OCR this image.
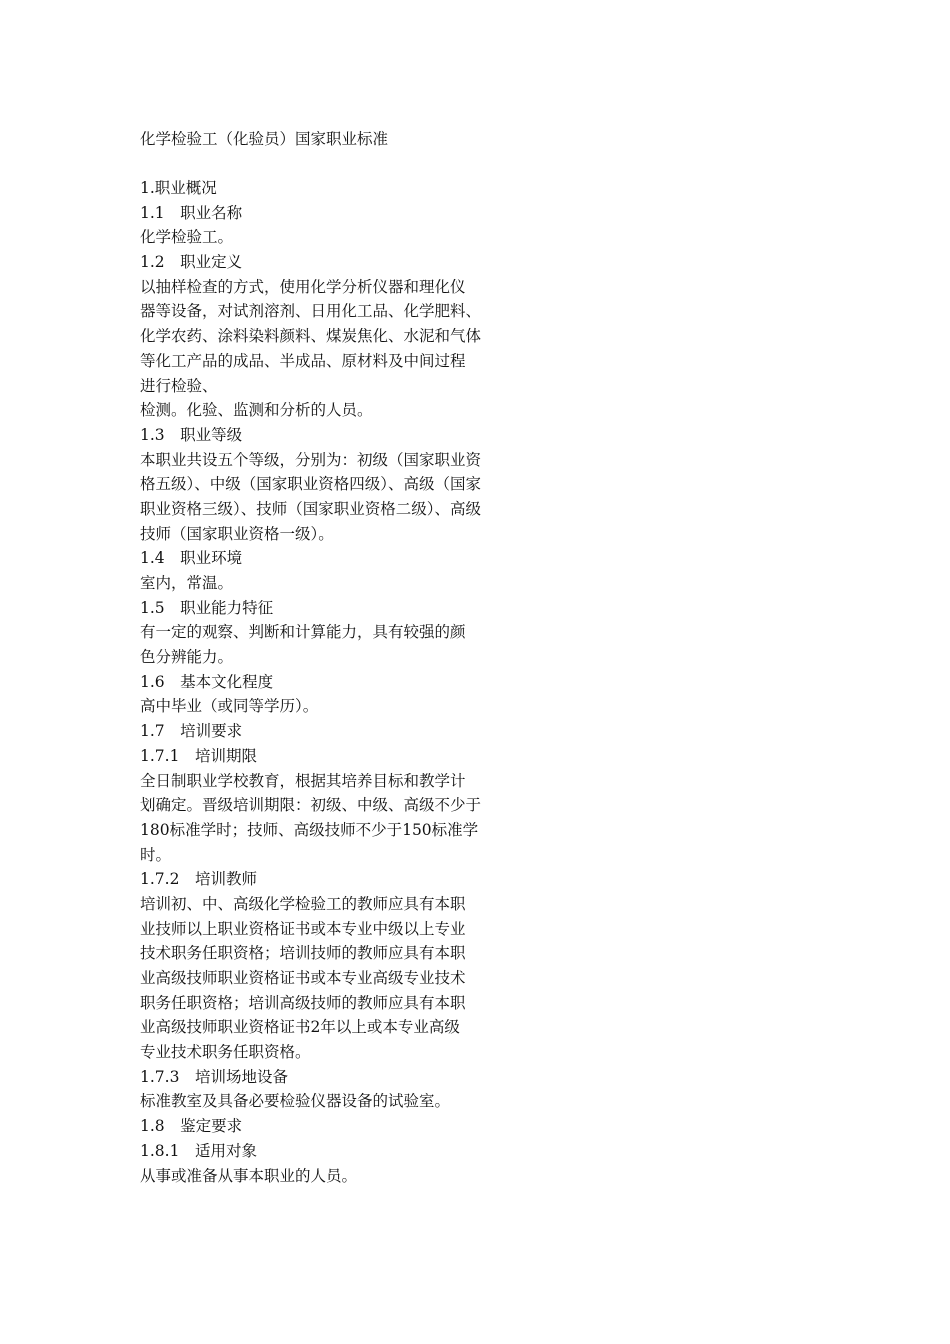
化学检验工（化验员）国家职业标准
1.职业概况
1.1　职业名称
化学检验工。
1.2　职业定义
以抽样检查的方式，使用化学分析仪器和理化仪
器等设备，对试剂溶剂、日用化工品、化学肥料、
化学农药、涂料染料颜料、煤炭焦化、水泥和气体
等化工产品的成品、半成品、原材料及中间过程
进行检验、
检测。化验、监测和分析的人员。
1.3　职业等级
本职业共设五个等级，分别为：初级（国家职业资
格五级）、中级（国家职业资格四级）、高级（国家
职业资格三级）、技师（国家职业资格二级）、高级
技师（国家职业资格一级）。
1.4　职业环境
室内，常温。
1.5　职业能力特征
有一定的观察、判断和计算能力，具有较强的颜
色分辨能力。
1.6　基本文化程度
高中毕业（或同等学历）。
1.7　培训要求
1.7.1　培训期限
全日制职业学校教育，根据其培养目标和教学计
划确定。晋级培训期限：初级、中级、高级不少于
180标准学时；技师、高级技师不少于150标准学
时。
1.7.2　培训教师
培训初、中、高级化学检验工的教师应具有本职
业技师以上职业资格证书或本专业中级以上专业
技术职务任职资格；培训技师的教师应具有本职
业高级技师职业资格证书或本专业高级专业技术
职务任职资格；培训高级技师的教师应具有本职
业高级技师职业资格证书2年以上或本专业高级
专业技术职务任职资格。
1.7.3　培训场地设备
标准教室及具备必要检验仪器设备的试验室。
1.8　鉴定要求
1.8.1　适用对象
从事或准备从事本职业的人员。
